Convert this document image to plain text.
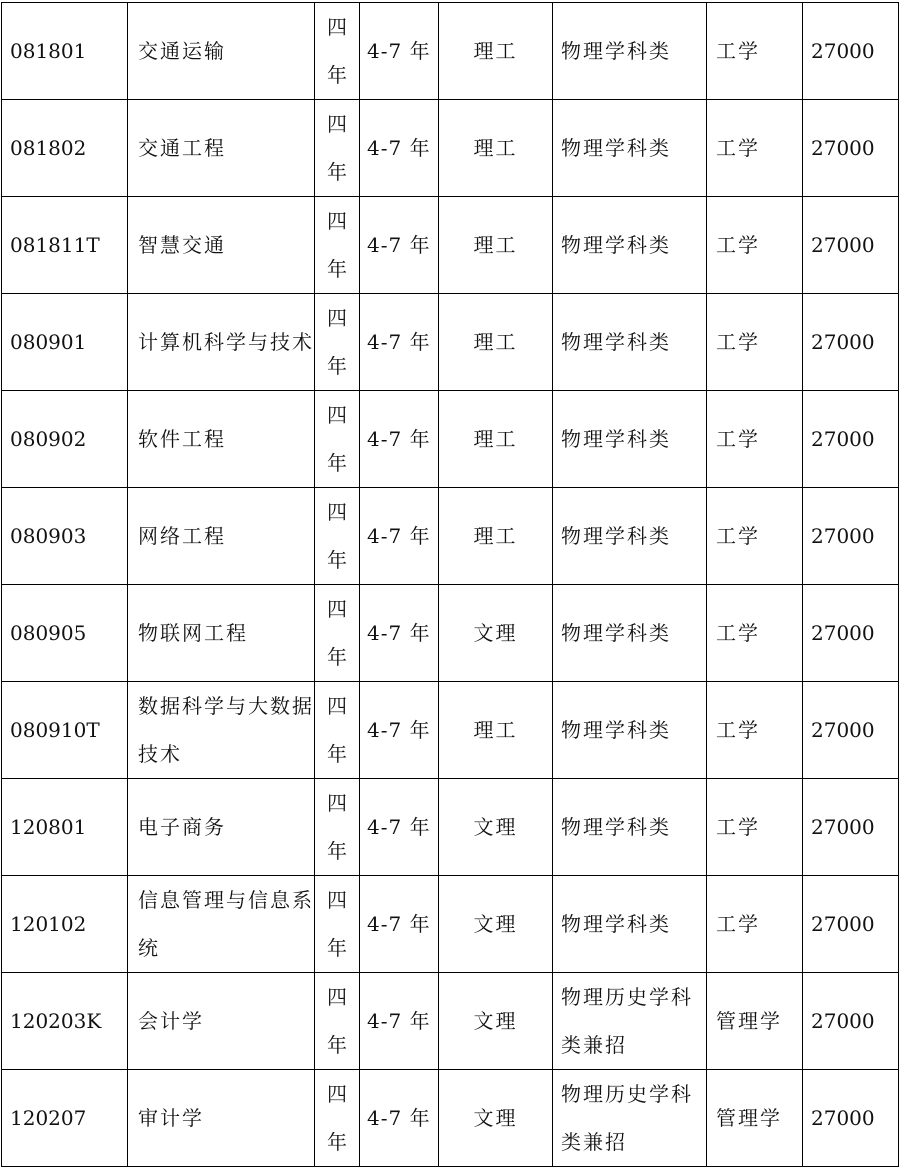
081801	交通运输	四年	4-7 年	理工	物理学科类	工学	27000
081802	交通工程	四年	4-7 年	理工	物理学科类	工学	27000
081811T	智慧交通	四年	4-7 年	理工	物理学科类	工学	27000
080901	计算机科学与技术	四年	4-7 年	理工	物理学科类	工学	27000
080902	软件工程	四年	4-7 年	理工	物理学科类	工学	27000
080903	网络工程	四年	4-7 年	理工	物理学科类	工学	27000
080905	物联网工程	四年	4-7 年	文理	物理学科类	工学	27000
080910T	数据科学与大数据技术	四年	4-7 年	理工	物理学科类	工学	27000
120801	电子商务	四年	4-7 年	文理	物理学科类	工学	27000
120102	信息管理与信息系统	四年	4-7 年	文理	物理学科类	工学	27000
120203K	会计学	四年	4-7 年	文理	物理历史学科类兼招	管理学	27000
120207	审计学	四年	4-7 年	文理	物理历史学科类兼招	管理学	27000
